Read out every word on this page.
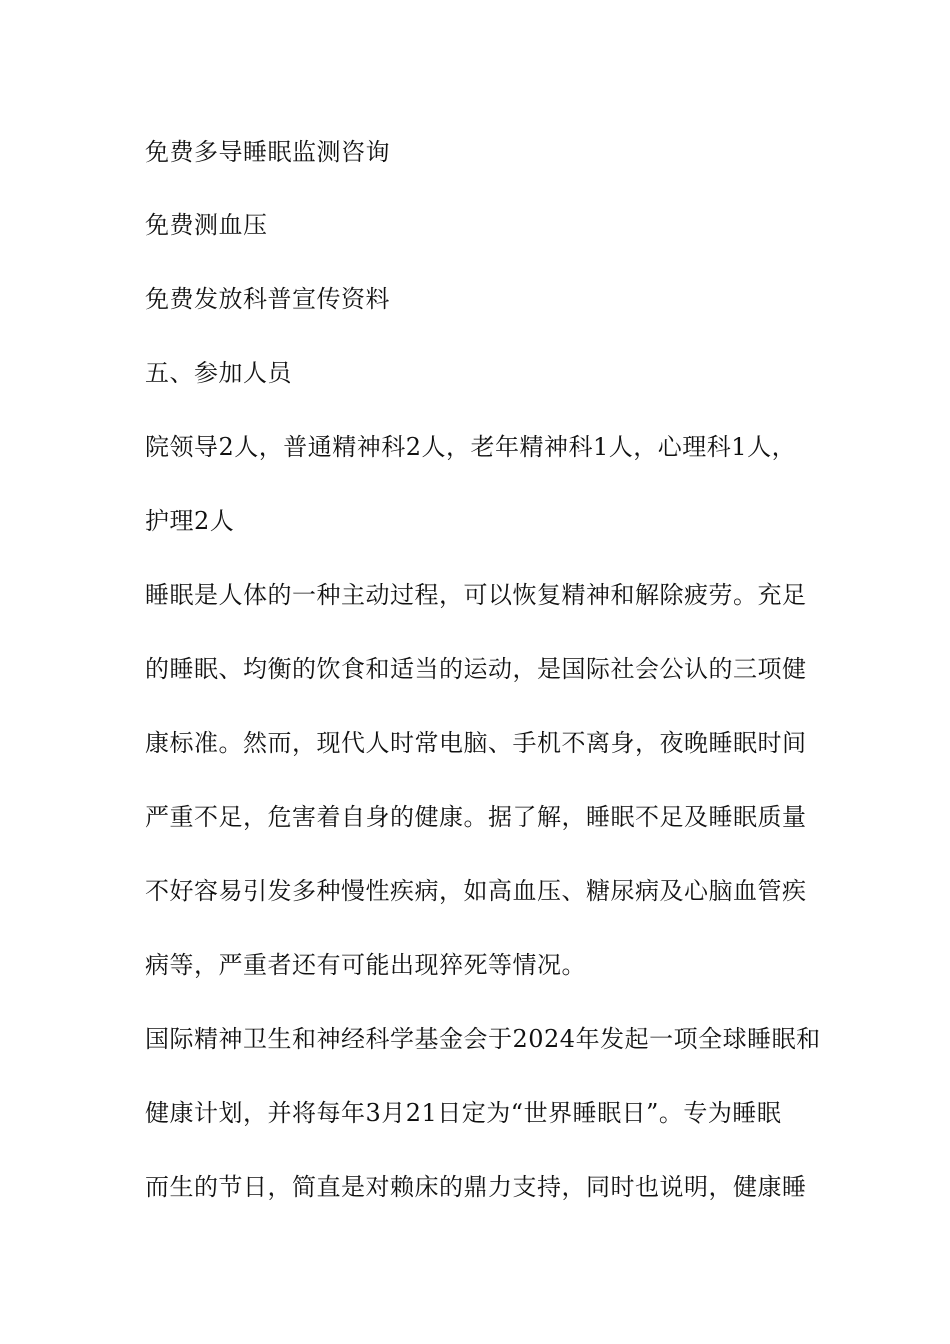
免费多导睡眠监测咨询
免费测血压
免费发放科普宣传资料
五、参加人员
院领导2人，普通精神科2人，老年精神科1人，心理科1人，
护理2人
睡眠是人体的一种主动过程，可以恢复精神和解除疲劳。充足
的睡眠、均衡的饮食和适当的运动，是国际社会公认的三项健
康标准。然而，现代人时常电脑、手机不离身，夜晚睡眠时间
严重不足，危害着自身的健康。据了解，睡眠不足及睡眠质量
不好容易引发多种慢性疾病，如高血压、糖尿病及心脑血管疾
病等，严重者还有可能出现猝死等情况。
国际精神卫生和神经科学基金会于2024年发起一项全球睡眠和
健康计划，并将每年3月21日定为“世界睡眠日”。专为睡眠
而生的节日，简直是对赖床的鼎力支持，同时也说明，健康睡
